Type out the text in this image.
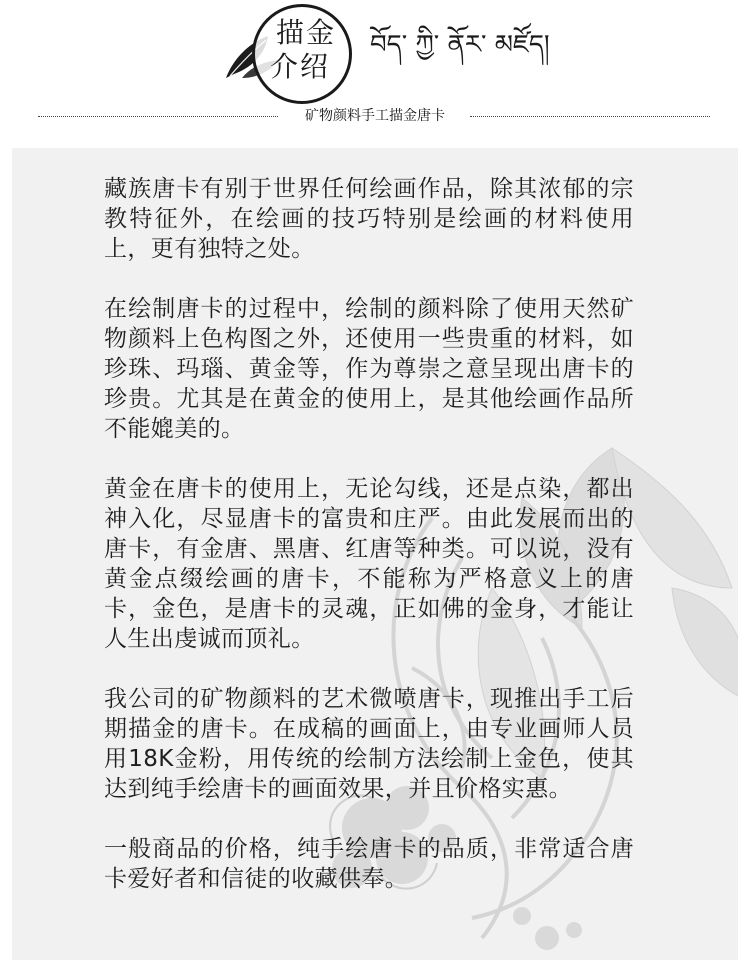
描金
介绍
བོད་ ཀྱི་ ནོར་ མཛོད།
矿物颜料手工描金唐卡

藏族唐卡有别于世界任何绘画作品，除其浓郁的宗教特征外，在绘画的技巧特别是绘画的材料使用上，更有独特之处。

在绘制唐卡的过程中，绘制的颜料除了使用天然矿物颜料上色构图之外，还使用一些贵重的材料，如珍珠、玛瑙、黄金等，作为尊崇之意呈现出唐卡的珍贵。尤其是在黄金的使用上，是其他绘画作品所不能媲美的。

黄金在唐卡的使用上，无论勾线，还是点染，都出神入化，尽显唐卡的富贵和庄严。由此发展而出的唐卡，有金唐、黑唐、红唐等种类。可以说，没有黄金点缀绘画的唐卡，不能称为严格意义上的唐卡，金色，是唐卡的灵魂，正如佛的金身，才能让人生出虔诚而顶礼。

我公司的矿物颜料的艺术微喷唐卡，现推出手工后期描金的唐卡。在成稿的画面上，由专业画师人员用18K金粉，用传统的绘制方法绘制上金色，使其达到纯手绘唐卡的画面效果，并且价格实惠。

一般商品的价格，纯手绘唐卡的品质，非常适合唐卡爱好者和信徒的收藏供奉。
